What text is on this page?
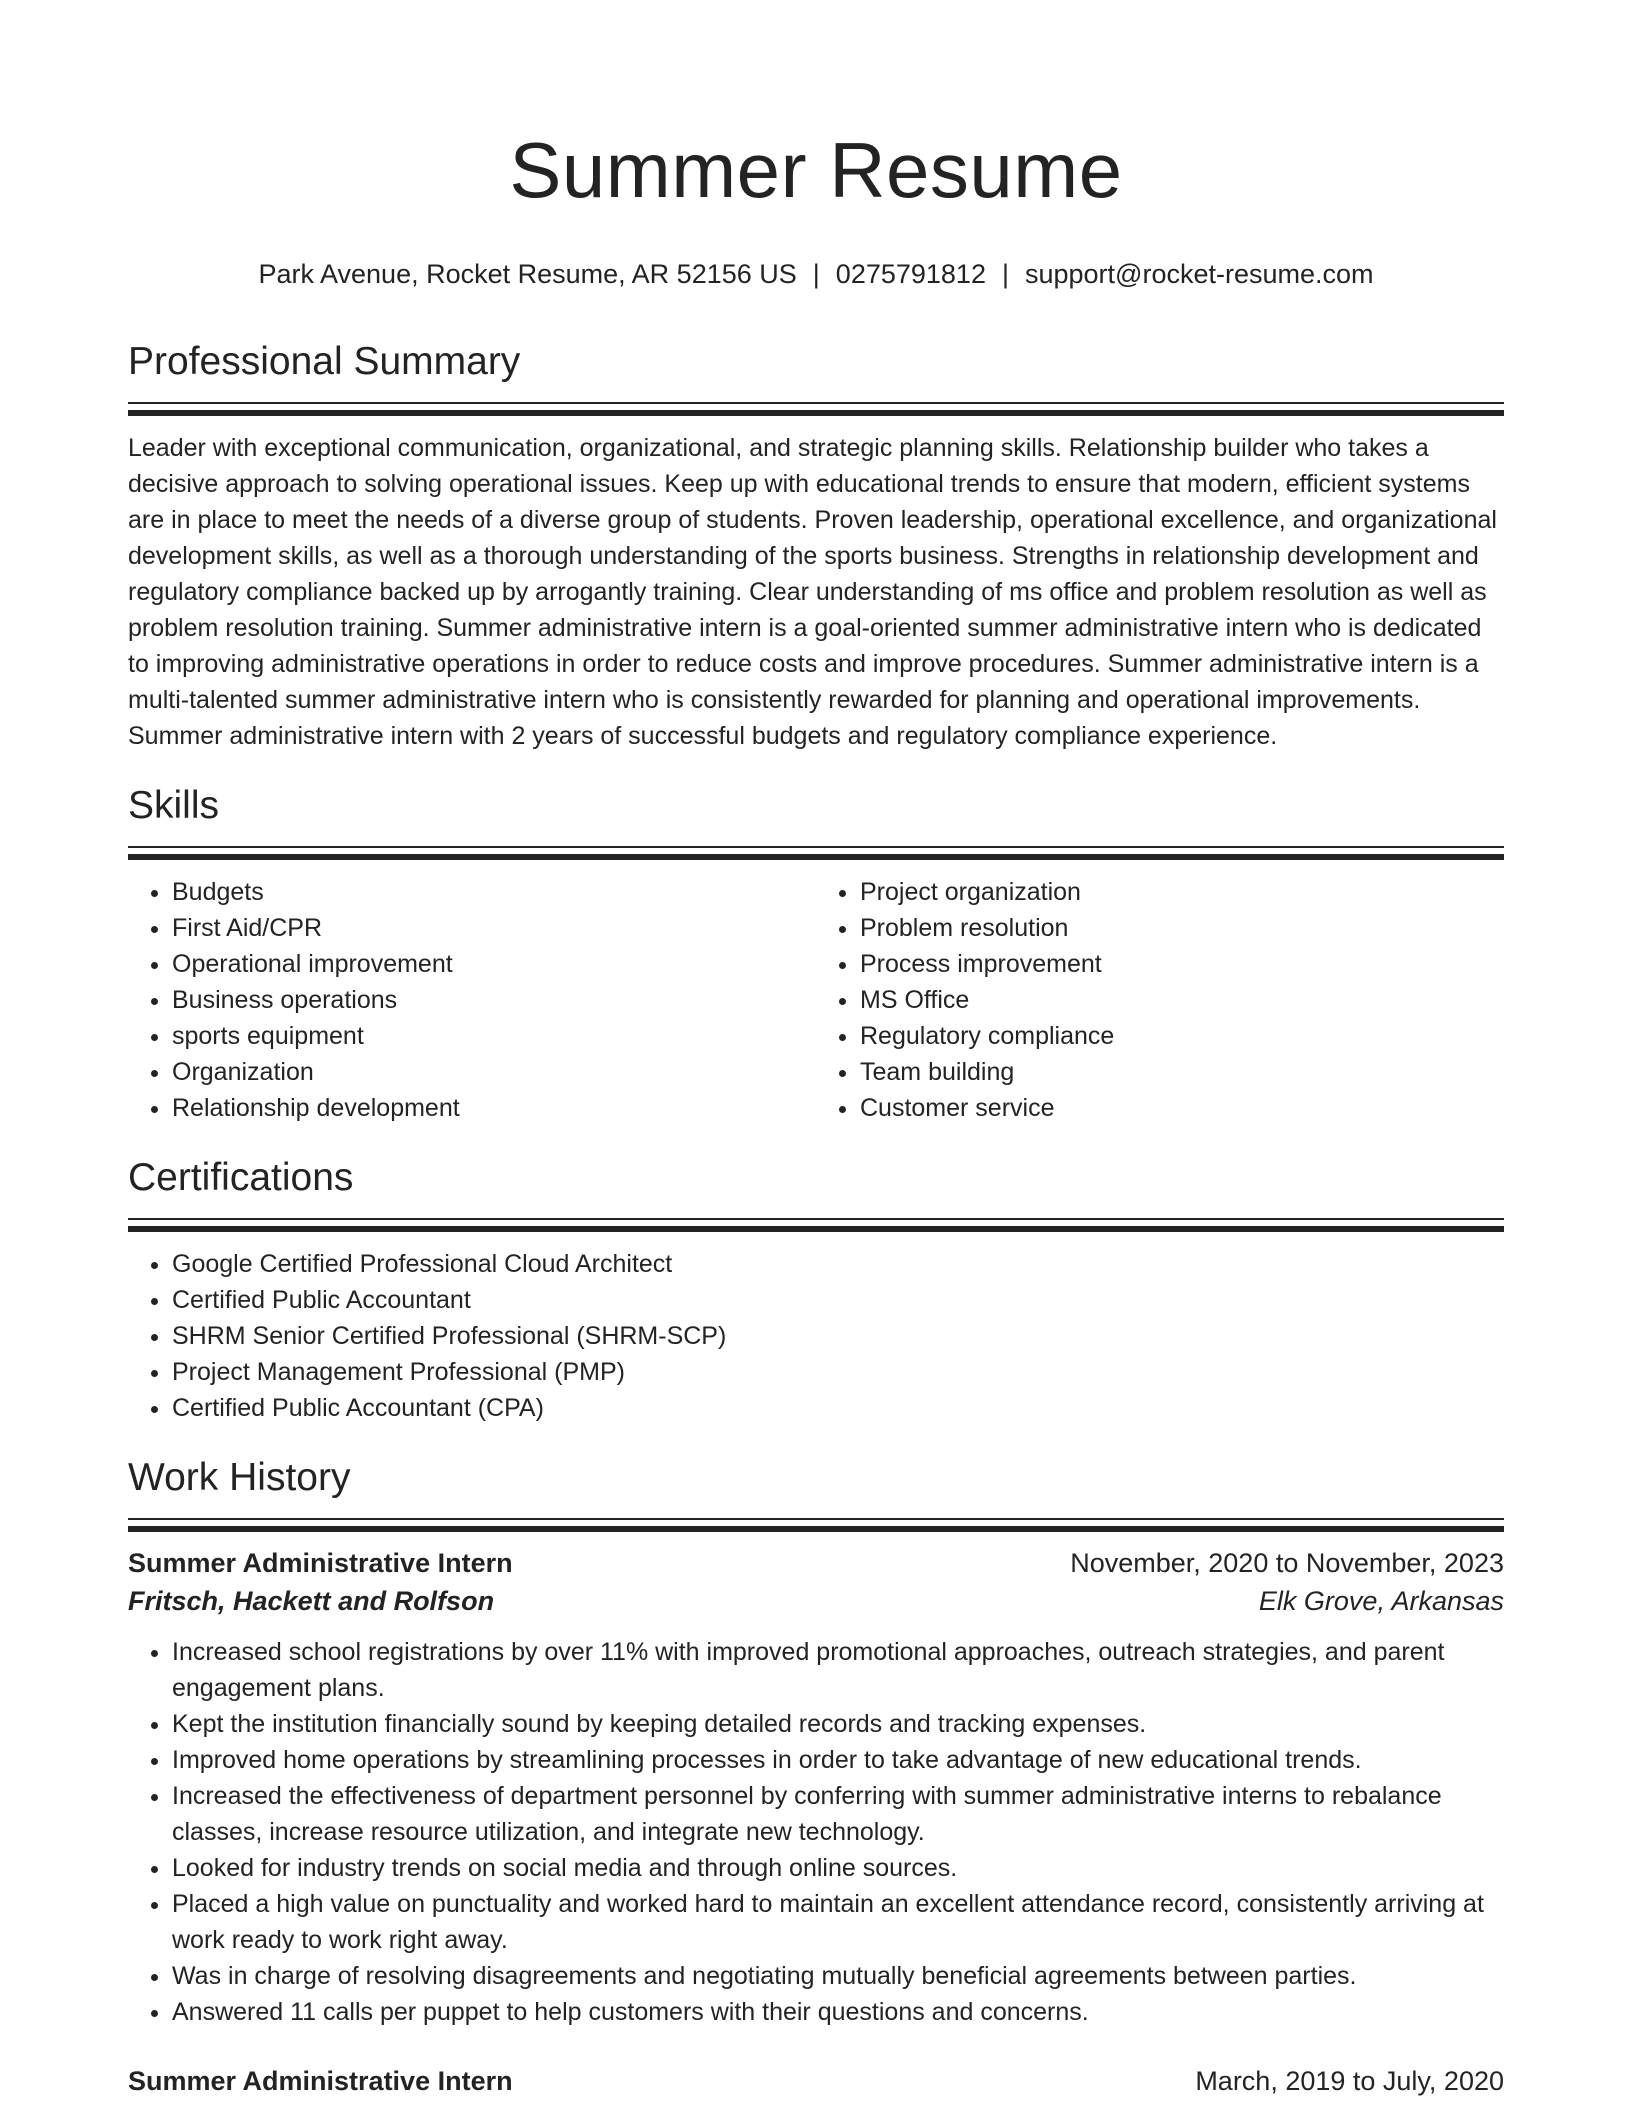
Summer Resume
Park Avenue, Rocket Resume, AR 52156 US | 0275791812 | support@rocket-resume.com
Professional Summary

Leader with exceptional communication, organizational, and strategic planning skills. Relationship builder who takes a decisive approach to solving operational issues. Keep up with educational trends to ensure that modern, efficient systems are in place to meet the needs of a diverse group of students. Proven leadership, operational excellence, and organizational development skills, as well as a thorough understanding of the sports business. Strengths in relationship development and regulatory compliance backed up by arrogantly training. Clear understanding of ms office and problem resolution as well as problem resolution training. Summer administrative intern is a goal-oriented summer administrative intern who is dedicated to improving administrative operations in order to reduce costs and improve procedures. Summer administrative intern is a multi-talented summer administrative intern who is consistently rewarded for planning and operational improvements. Summer administrative intern with 2 years of successful budgets and regulatory compliance experience.

Skills
• Budgets
• First Aid/CPR
• Operational improvement
• Business operations
• sports equipment
• Organization
• Relationship development
• Project organization
• Problem resolution
• Process improvement
• MS Office
• Regulatory compliance
• Team building
• Customer service
Certifications
• Google Certified Professional Cloud Architect
• Certified Public Accountant
• SHRM Senior Certified Professional (SHRM-SCP)
• Project Management Professional (PMP)
• Certified Public Accountant (CPA)
Work History
Summer Administrative Intern	November, 2020 to November, 2023
Fritsch, Hackett and Rolfson	Elk Grove, Arkansas
• Increased school registrations by over 11% with improved promotional approaches, outreach strategies, and parent engagement plans.
• Kept the institution financially sound by keeping detailed records and tracking expenses.
• Improved home operations by streamlining processes in order to take advantage of new educational trends.
• Increased the effectiveness of department personnel by conferring with summer administrative interns to rebalance classes, increase resource utilization, and integrate new technology.
• Looked for industry trends on social media and through online sources.
• Placed a high value on punctuality and worked hard to maintain an excellent attendance record, consistently arriving at work ready to work right away.
• Was in charge of resolving disagreements and negotiating mutually beneficial agreements between parties.
• Answered 11 calls per puppet to help customers with their questions and concerns.
Summer Administrative Intern	March, 2019 to July, 2020
